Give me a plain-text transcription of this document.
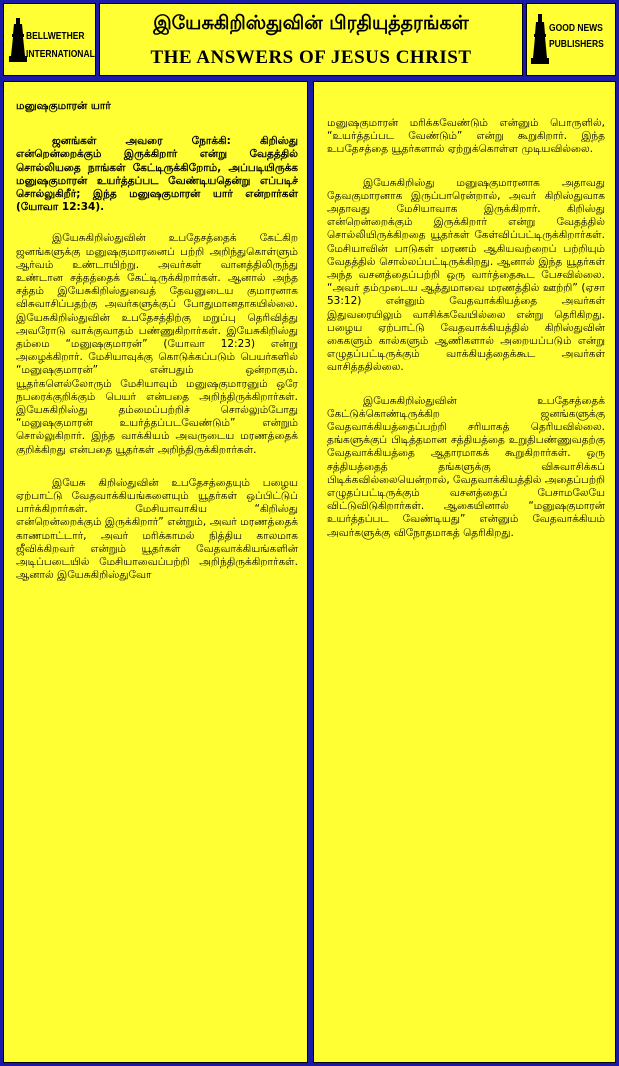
BELLWETHER
INTERNATIONAL
இயேசுகிறிஸ்துவின் பிரதியுத்தரங்கள்
THE ANSWERS OF JESUS CHRIST
GOOD NEWS
PUBLISHERS

மனுஷகுமாரன் யார்

ஜனங்கள் அவரை நோக்கி: கிறிஸ்து என்றென்றைக்கும் இருக்கிறார் என்று வேதத்தில் சொல்லியதை நாங்கள் கேட்டிருக்கிறோம், அப்படியிருக்க மனுஷகுமாரன் உயர்த்தப்பட வேண்டியதென்று எப்படிச் சொல்லுகிறீர்; இந்த மனுஷகுமாரன் யார் என்றார்கள் (யோவா 12:34).

இயேசுகிறிஸ்துவின் உபதேசத்தைக் கேட்கிற ஜனங்களுக்கு மனுஷகுமாரனைப் பற்றி அறிந்துகொள்ளும் ஆர்வம் உண்டாயிற்று. அவர்கள் வானத்திலிருந்து உண்டான சத்தத்தைக் கேட்டிருக்கிறார்கள். ஆனால் அந்த சத்தம் இயேசுகிறிஸ்துவைத் தேவனுடைய குமாரனாக விசுவாசிப்பதற்கு அவர்களுக்குப் போதுமானதாகயில்லை. இயேசுகிறிஸ்துவின் உபதேசத்திற்கு மறுப்பு தெரிவித்து அவரோடு வாக்குவாதம் பண்ணுகிறார்கள். இயேசுகிறிஸ்து தம்மை “மனுஷகுமாரன்” (யோவா 12:23) என்று அழைக்கிறார். மேசியாவுக்கு கொடுக்கப்படும் பெயர்களில் “மனுஷகுமாரன்” என்பதும் ஒன்றாகும். யூதர்களெல்லோரும் மேசியாவும் மனுஷகுமாரனும் ஒரே நபரைக்குறிக்கும் பெயர் என்பதை அறிந்திருக்கிறார்கள். இயேசுகிறிஸ்து தம்மைப்பற்றிச் சொல்லும்போது “மனுஷகுமாரன் உயர்த்தப்படவேண்டும்” என்றும் சொல்லுகிறார். இந்த வாக்கியம் அவருடைய மரணத்தைக் குறிக்கிறது என்பதை யூதர்கள் அறிந்திருக்கிறார்கள்.

இயேசு கிறிஸ்துவின் உபதேசத்தையும் பழைய ஏற்பாட்டு வேதவாக்கியங்களையும் யூதர்கள் ஒப்பிட்டுப் பார்க்கிறார்கள். மேசியாவாகிய “கிறிஸ்து என்றென்றைக்கும் இருக்கிறார்” என்றும், அவர் மரணத்தைக் காணமாட்டார், அவர் மரிக்காமல் நித்திய காலமாக ஜீவிக்கிறவர் என்றும் யூதர்கள் வேதவாக்கியங்களின் அடிப்படையில் மேசியாவைப்பற்றி அறிந்திருக்கிறார்கள். ஆனால் இயேசுகிறிஸ்துவோ

மனுஷகுமாரன் மரிக்கவேண்டும் என்னும் பொருளில், “உயர்த்தப்பட வேண்டும்” என்று கூறுகிறார். இந்த உபதேசத்தை யூதர்களால் ஏற்றுக்கொள்ள முடியவில்லை.

இயேசுகிறிஸ்து மனுஷகுமாரனாக அதாவது தேவகுமாரனாக இருப்பாரென்றால், அவர் கிறிஸ்துவாக அதாவது மேசியாவாக இருக்கிறார். கிறிஸ்து என்றென்றைக்கும் இருக்கிறார் என்று வேதத்தில் சொல்லியிருக்கிறதை யூதர்கள் கேள்விப்பட்டிருக்கிறார்கள். மேசியாவின் பாடுகள் மரணம் ஆகியவற்றைப் பற்றியும் வேதத்தில் சொல்லப்பட்டிருக்கிறது. ஆனால் இந்த யூதர்கள் அந்த வசனத்தைப்பற்றி ஒரு வார்த்தைகூட பேசவில்லை. “அவர் தம்முடைய ஆத்துமாவை மரணத்தில் ஊற்றி” (ஏசா 53:12) என்னும் வேதவாக்கியத்தை அவர்கள் இதுவரையிலும் வாசிக்கவேயில்லை என்று தெரிகிறது. பழைய ஏற்பாட்டு வேதவாக்கியத்தில் கிறிஸ்துவின் கைகளும் கால்களும் ஆணிகளால் அறையப்படும் என்று எழுதப்பட்டிருக்கும் வாக்கியத்தைக்கூட அவர்கள் வாசித்ததில்லை.

இயேசுகிறிஸ்துவின் உபதேசத்தைக் கேட்டுக்கொண்டிருக்கிற ஜனங்களுக்கு வேதவாக்கியத்தைப்பற்றி சரியாகத் தெரியவில்லை. தங்களுக்குப் பிடித்தமான சத்தியத்தை உறுதிபண்ணுவதற்கு வேதவாக்கியத்தை ஆதாரமாகக் கூறுகிறார்கள். ஒரு சத்தியத்தைத் தங்களுக்கு விசுவாசிக்கப் பிடிக்கவில்லையென்றால், வேதவாக்கியத்தில் அதைப்பற்றி எழுதப்பட்டிருக்கும் வசனத்தைப் பேசாமலேயே விட்டுவிடுகிறார்கள். ஆகையினால் “மனுஷகுமாரன் உயர்த்தப்பட வேண்டியது” என்னும் வேதவாக்கியம் அவர்களுக்கு விநோதமாகத் தெரிகிறது.
